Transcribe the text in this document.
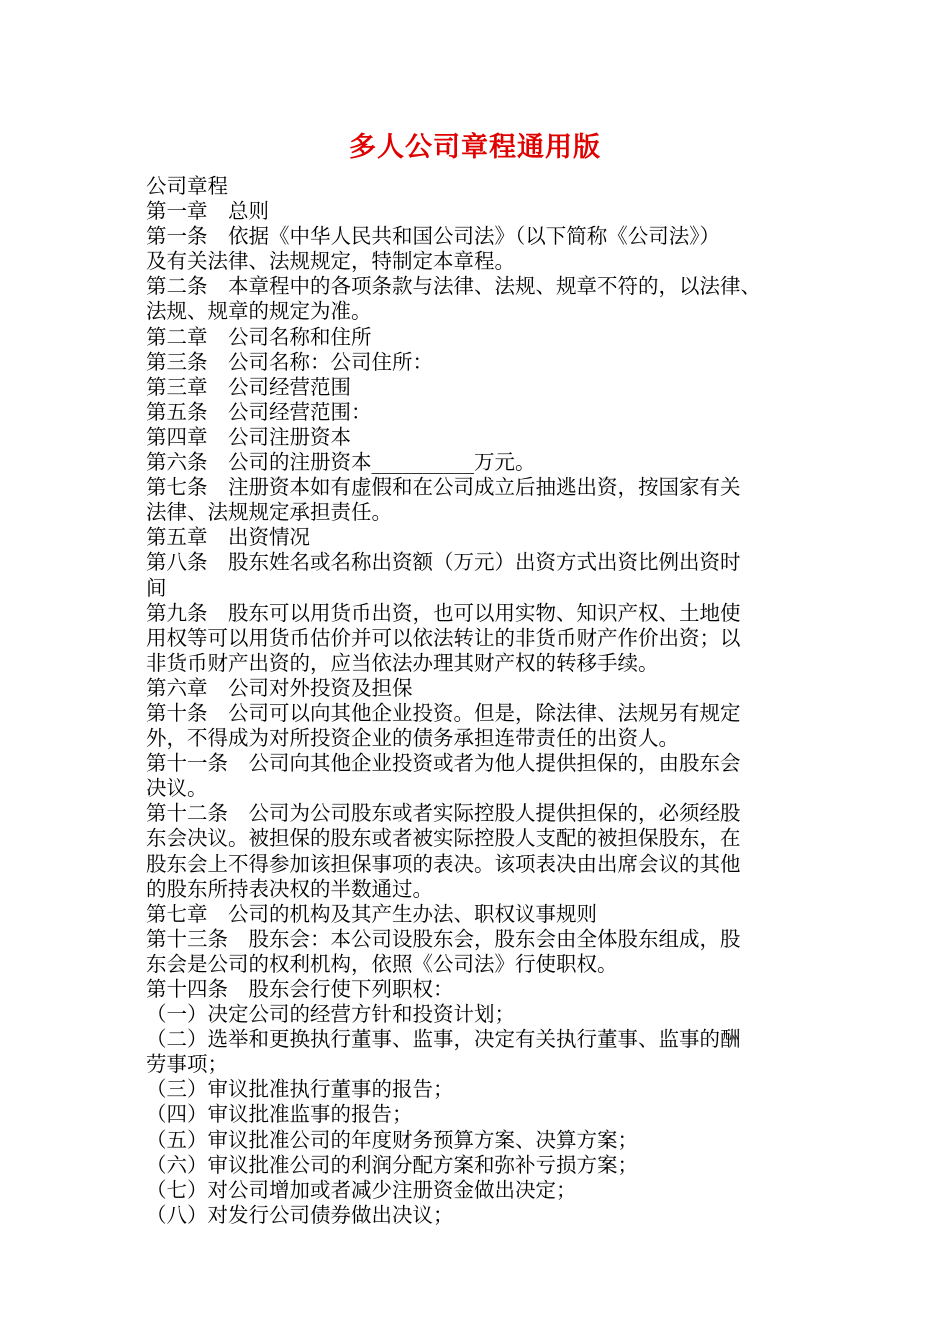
多人公司章程通用版
公司章程
第一章　总则
第一条　依据《中华人民共和国公司法》（以下简称《公司法》）
及有关法律、法规规定，特制定本章程。
第二条　本章程中的各项条款与法律、法规、规章不符的，以法律、
法规、规章的规定为准。
第二章　公司名称和住所
第三条　公司名称：公司住所：
第三章　公司经营范围
第五条　公司经营范围：
第四章　公司注册资本
第六条　公司的注册资本__________万元。
第七条　注册资本如有虚假和在公司成立后抽逃出资，按国家有关
法律、法规规定承担责任。
第五章　出资情况
第八条　股东姓名或名称出资额（万元）出资方式出资比例出资时
间
第九条　股东可以用货币出资，也可以用实物、知识产权、土地使
用权等可以用货币估价并可以依法转让的非货币财产作价出资；以
非货币财产出资的，应当依法办理其财产权的转移手续。
第六章　公司对外投资及担保
第十条　公司可以向其他企业投资。但是，除法律、法规另有规定
外，不得成为对所投资企业的债务承担连带责任的出资人。
第十一条　公司向其他企业投资或者为他人提供担保的，由股东会
决议。
第十二条　公司为公司股东或者实际控股人提供担保的，必须经股
东会决议。被担保的股东或者被实际控股人支配的被担保股东，在
股东会上不得参加该担保事项的表决。该项表决由出席会议的其他
的股东所持表决权的半数通过。
第七章　公司的机构及其产生办法、职权议事规则
第十三条　股东会：本公司设股东会，股东会由全体股东组成，股
东会是公司的权利机构，依照《公司法》行使职权。
第十四条　股东会行使下列职权：
（一）决定公司的经营方针和投资计划；
（二）选举和更换执行董事、监事，决定有关执行董事、监事的酬
劳事项；
（三）审议批准执行董事的报告；
（四）审议批准监事的报告；
（五）审议批准公司的年度财务预算方案、决算方案；
（六）审议批准公司的利润分配方案和弥补亏损方案；
（七）对公司增加或者减少注册资金做出决定；
（八）对发行公司债券做出决议；
